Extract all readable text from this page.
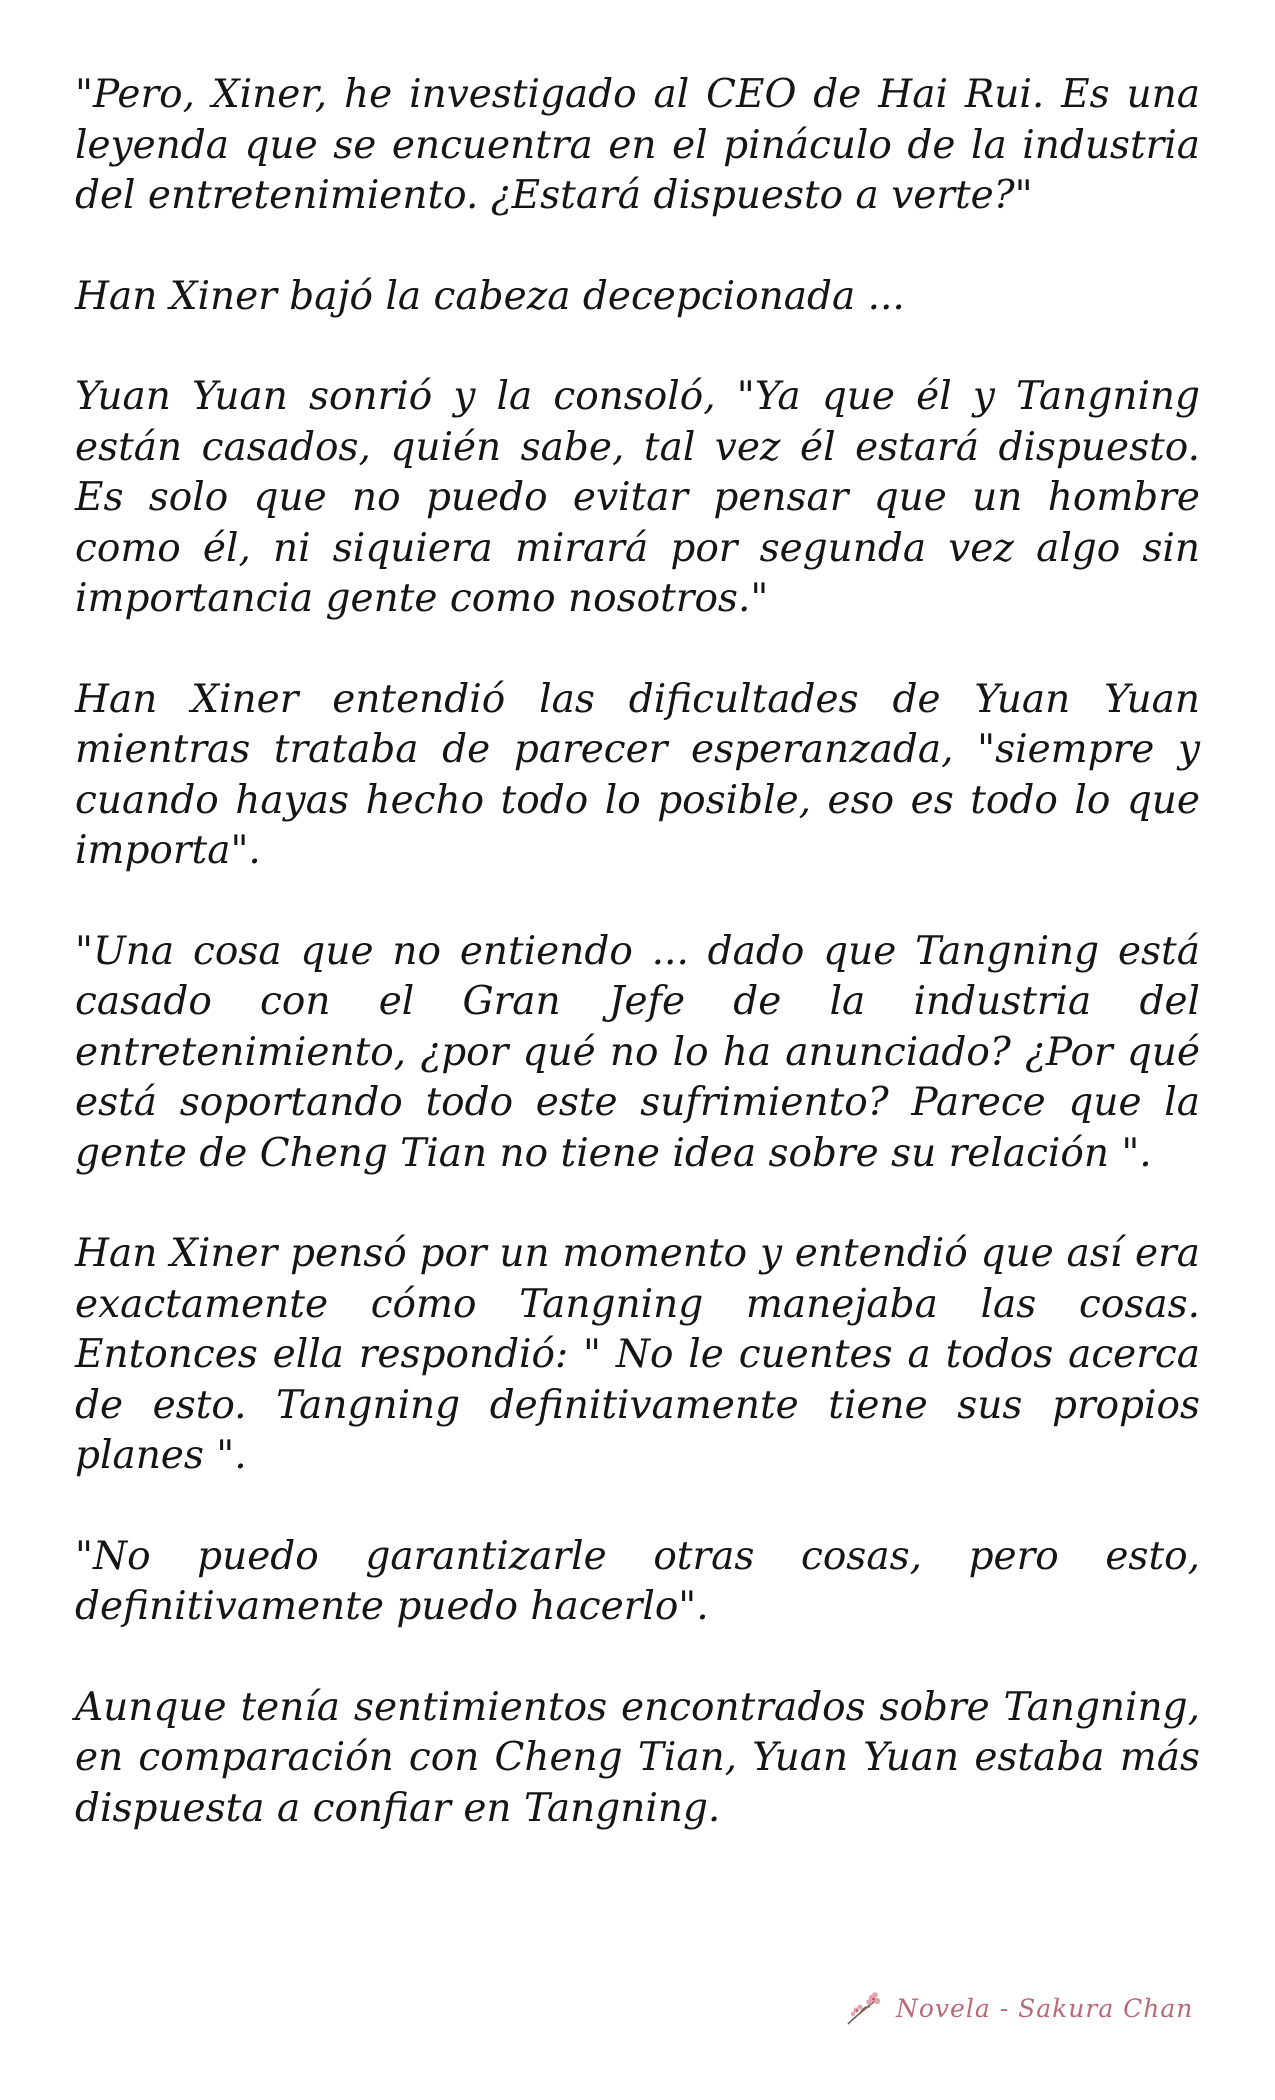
"Pero, Xiner, he investigado al CEO de Hai Rui. Es una leyenda que se encuentra en el pináculo de la industria del entretenimiento. ¿Estará dispuesto a verte?"

Han Xiner bajó la cabeza decepcionada ...

Yuan Yuan sonrió y la consoló, "Ya que él y Tangning están casados, quién sabe, tal vez él estará dispuesto. Es solo que no puedo evitar pensar que un hombre como él, ni siquiera mirará por segunda vez algo sin importancia gente como nosotros."

Han Xiner entendió las dificultades de Yuan Yuan mientras trataba de parecer esperanzada, "siempre y cuando hayas hecho todo lo posible, eso es todo lo que importa".

"Una cosa que no entiendo ... dado que Tangning está casado con el Gran Jefe de la industria del entretenimiento, ¿por qué no lo ha anunciado? ¿Por qué está soportando todo este sufrimiento? Parece que la gente de Cheng Tian no tiene idea sobre su relación ".

Han Xiner pensó por un momento y entendió que así era exactamente cómo Tangning manejaba las cosas. Entonces ella respondió: " No le cuentes a todos acerca de esto. Tangning definitivamente tiene sus propios planes ".

"No puedo garantizarle otras cosas, pero esto, definitivamente puedo hacerlo".

Aunque tenía sentimientos encontrados sobre Tangning, en comparación con Cheng Tian, Yuan Yuan estaba más dispuesta a confiar en Tangning.

Novela - Sakura Chan
